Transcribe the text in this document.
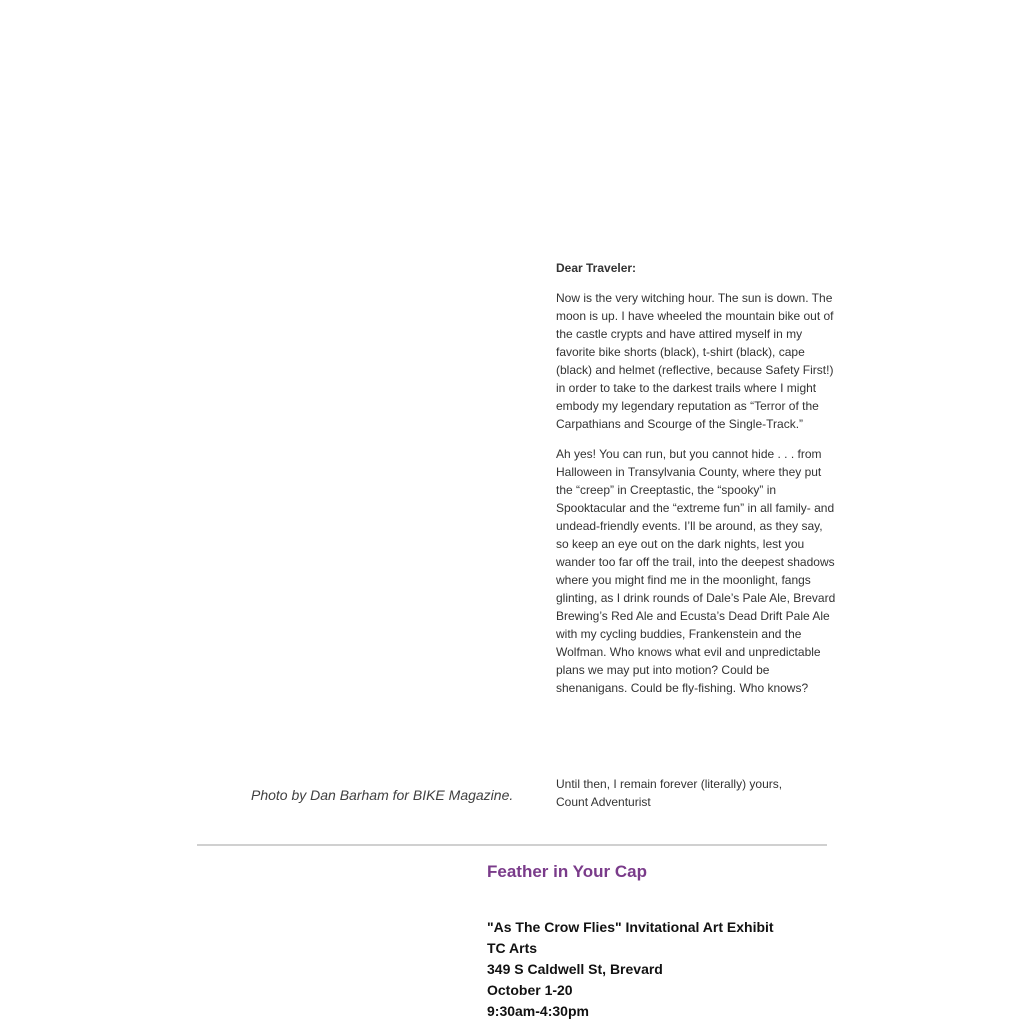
Dear Traveler:

Now is the very witching hour. The sun is down. The moon is up. I have wheeled the mountain bike out of the castle crypts and have attired myself in my favorite bike shorts (black), t-shirt (black), cape (black) and helmet (reflective, because Safety First!) in order to take to the darkest trails where I might embody my legendary reputation as “Terror of the Carpathians and Scourge of the Single-Track.”

Ah yes! You can run, but you cannot hide . . . from Halloween in Transylvania County, where they put the “creep” in Creeptastic, the “spooky” in Spooktacular and the “extreme fun” in all family- and undead-friendly events. I’ll be around, as they say, so keep an eye out on the dark nights, lest you wander too far off the trail, into the deepest shadows where you might find me in the moonlight, fangs glinting, as I drink rounds of Dale’s Pale Ale, Brevard Brewing’s Red Ale and Ecusta’s Dead Drift Pale Ale with my cycling buddies, Frankenstein and the Wolfman. Who knows what evil and unpredictable plans we may put into motion? Could be shenanigans. Could be fly-fishing. Who knows?

Until then, I remain forever (literally) yours,
Count Adventurist
Photo by Dan Barham for BIKE Magazine.
Feather in Your Cap
"As The Crow Flies" Invitational Art Exhibit
TC Arts
349 S Caldwell St, Brevard
October 1-20
9:30am-4:30pm
